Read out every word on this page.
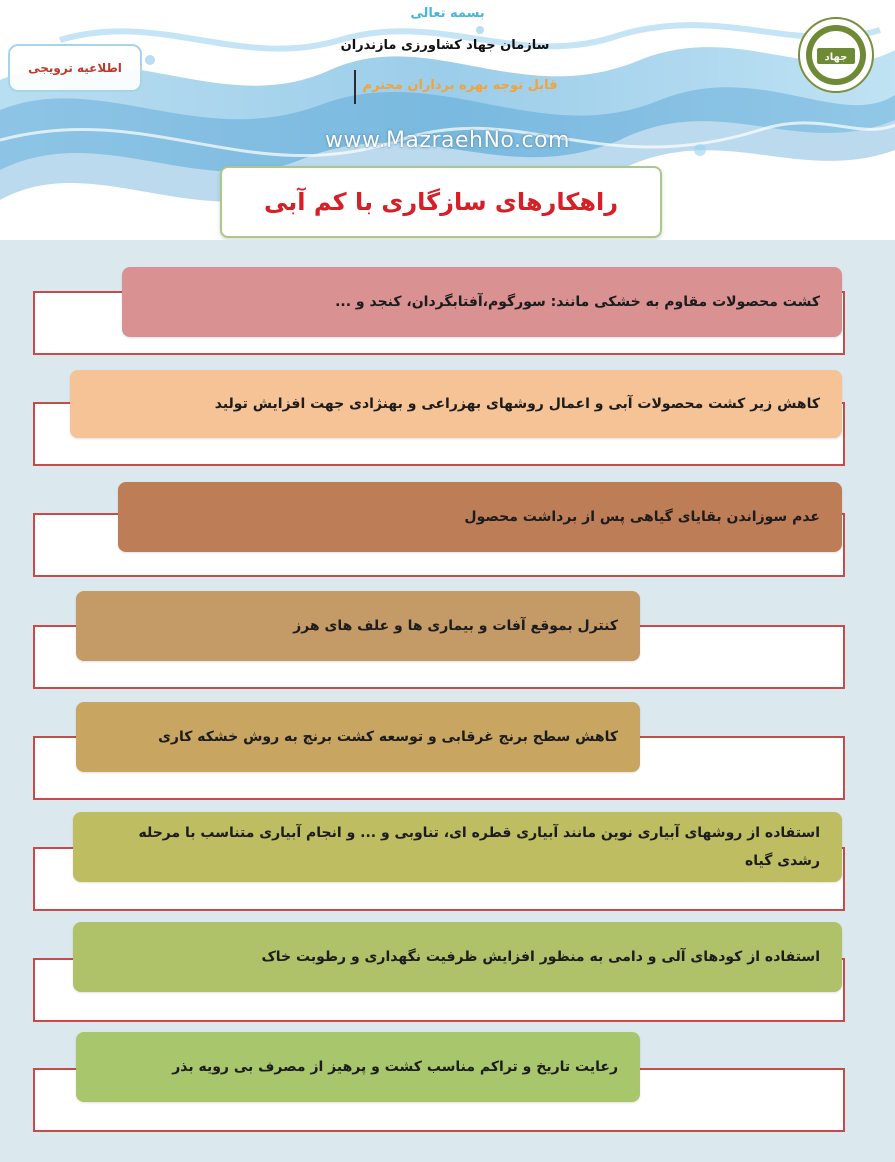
بسمه تعالی
سازمان جهاد کشاورزی مازندران
قابل توجه بهره برداران محترم
www.MazraehNo.com
اطلاعیه ترویجی
جهاد
راهکارهای سازگاری با کم آبی
کشت محصولات مقاوم به خشکی مانند: سورگوم،آفتابگردان، کنجد و ...
کاهش زیر کشت محصولات آبی و اعمال روشهای بهزراعی و بهنژادی جهت افزایش تولید
عدم سوزاندن بقایای گیاهی پس از برداشت محصول
کنترل بموقع آفات و بیماری ها و علف های هرز
کاهش سطح برنج غرقابی و توسعه کشت برنج به روش خشکه کاری
استفاده از روشهای آبیاری نوین مانند آبیاری قطره ای، تناوبی و ... و انجام آبیاری متناسب با مرحله رشدی گیاه
استفاده از کودهای آلی و دامی به منظور افزایش ظرفیت نگهداری و رطوبت خاک
رعایت تاریخ و تراکم مناسب کشت و پرهیز از مصرف بی رویه بذر
